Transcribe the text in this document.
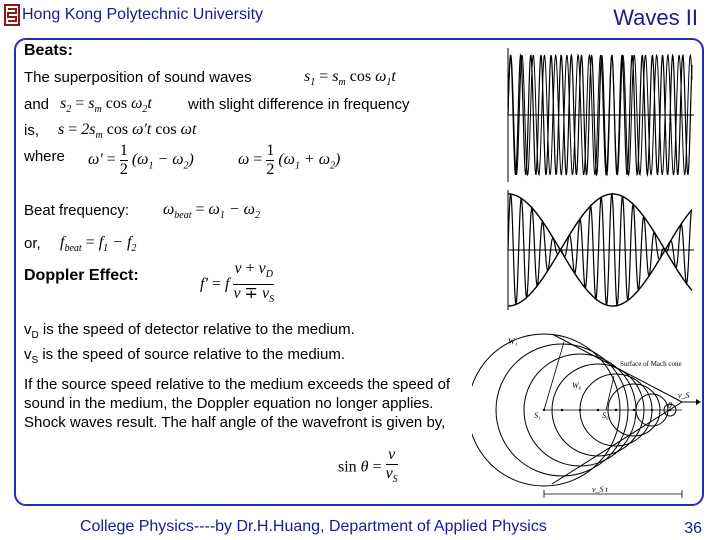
Hong Kong Polytechnic University	Waves II
Beats:
The superposition of sound waves	$s_1 = s_m$ $\cos \omega_1t$
and $s_2 = s_m$ $\cos \omega_2t$ with slight difference in frequency
is, $s = 2s_m$ cos ω′t cos ωt
where $\omega' = \frac{1}{2} (\omega_1 - \omega_2)$	$\omega = \frac{1}{2} (\omega_1 + \omega_2)$
Beat frequency: $\omega_{beat} = \omega_1 - \omega_2$
or, $f_{beat} = f_1 - f_2$
Doppler Effect:	f′ = f $\frac{v + v_D}{v \mp v_S}$
$v_D$ is the speed of detector relative to the medium.
$v_S$ is the speed of source relative to the medium.
If the source speed relative to the medium exceeds the speed of sound in the medium, the Doppler equation no longer applies. Shock waves result. The half angle of the wavefront is given by,
$\sin \theta = \frac{v}{v_S}$
Surface of Mach cone
W₁
W₆
θ
S₁	S₆
v_S
v_S t
College Physics----by Dr.H.Huang, Department of Applied Physics	36
